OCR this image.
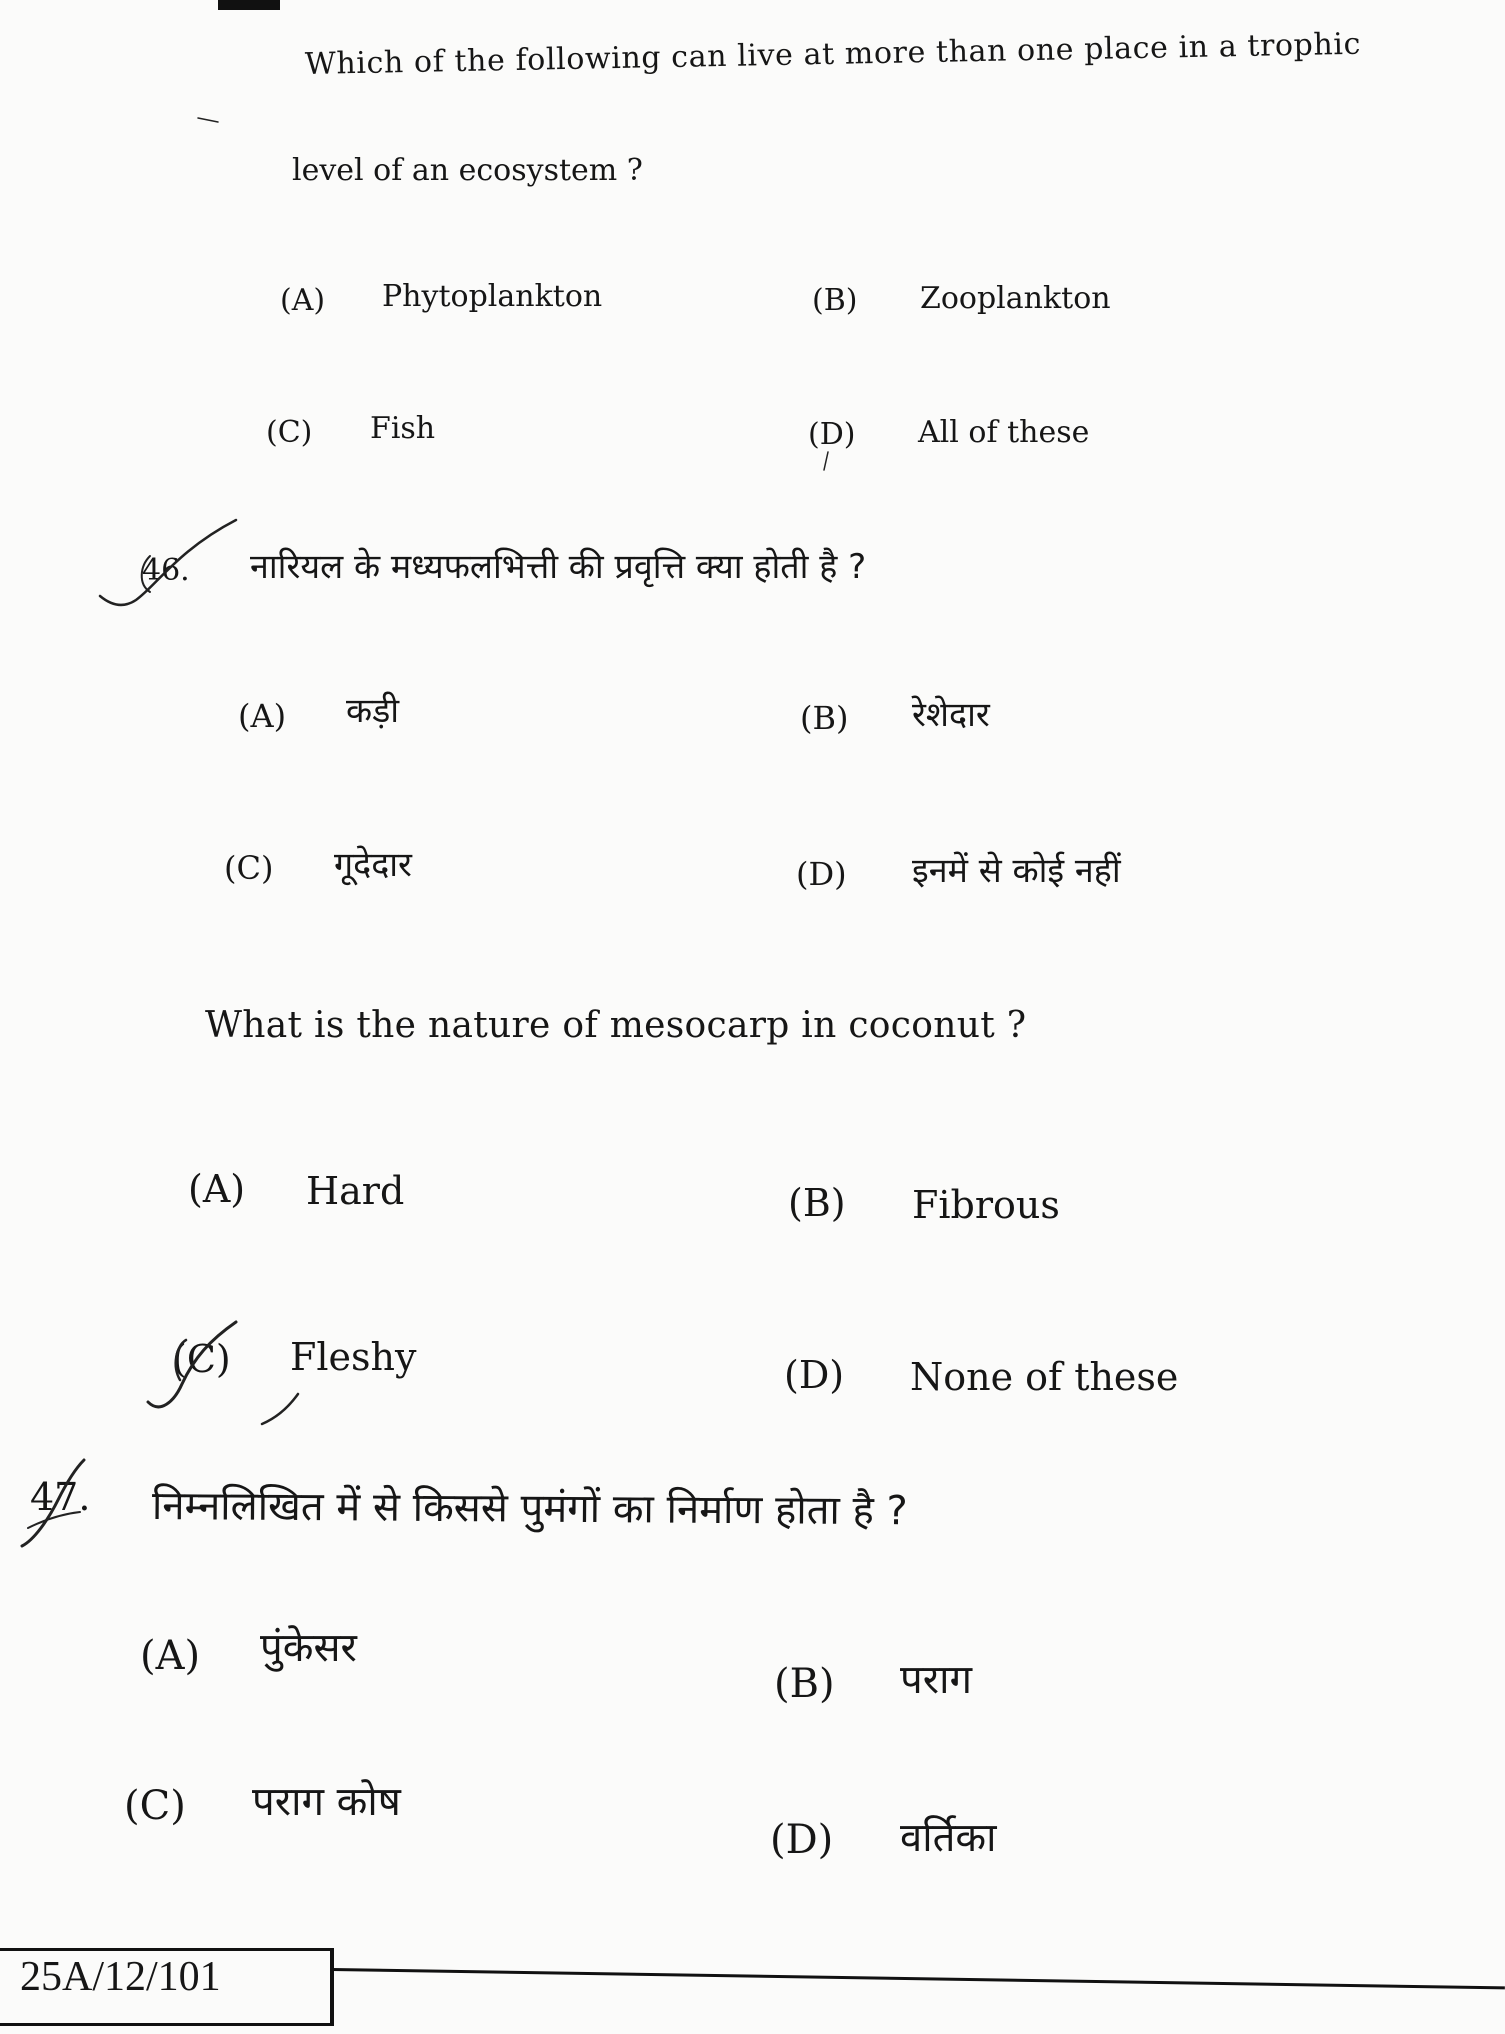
Which of the following can live at more than one place in a trophic
level of an ecosystem ?
(A) Phytoplankton	(B) Zooplankton
(C) Fish	(D) All of these
46. नारियल के मध्यफलभित्ती की प्रवृत्ति क्या होती है ?
(A) कड़ी	(B) रेशेदार
(C) गूदेदार	(D) इनमें से कोई नहीं
What is the nature of mesocarp in coconut ?
(A) Hard	(B) Fibrous
(C) Fleshy	(D) None of these
47. निम्नलिखित में से किससे पुमंगों का निर्माण होता है ?
(A) पुंकेसर
(B) पराग
(C) पराग कोष
(D) वर्तिका
25A/12/101
